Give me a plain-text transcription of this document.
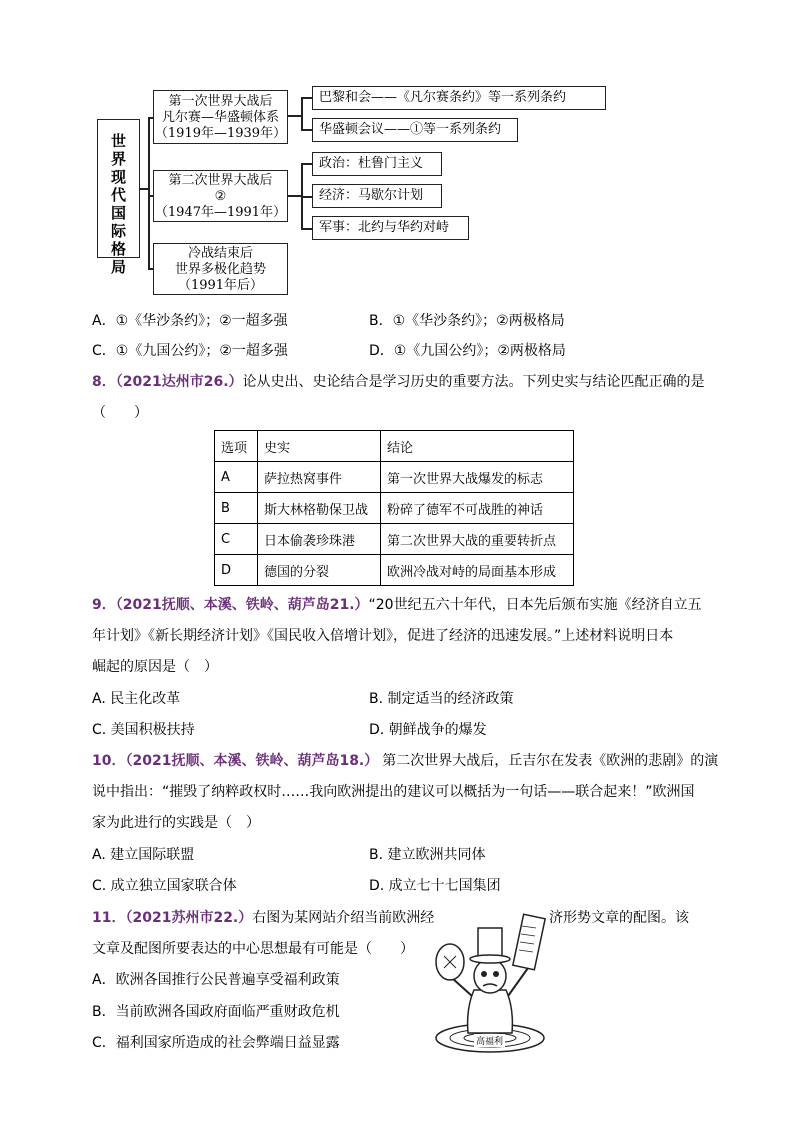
世界现代国际格局
第一次世界大战后
凡尔赛—华盛顿体系
（1919年—1939年）
第二次世界大战后
②
（1947年—1991年）
冷战结束后
世界多极化趋势
（1991年后）
巴黎和会——《凡尔赛条约》等一系列条约
华盛顿会议——①等一系列条约
政治：杜鲁门主义
经济：马歇尔计划
军事：北约与华约对峙
A．①《华沙条约》；②一超多强	B．①《华沙条约》；②两极格局
C．①《九国公约》；②一超多强	D．①《九国公约》；②两极格局
8．（2021达州市26.）论从史出、史论结合是学习历史的重要方法。下列史实与结论匹配正确的是
（　　）
选项	史实	结论
A	萨拉热窝事件	第一次世界大战爆发的标志
B	斯大林格勒保卫战	粉碎了德军不可战胜的神话
C	日本偷袭珍珠港	第二次世界大战的重要转折点
D	德国的分裂	欧洲冷战对峙的局面基本形成
9．（2021抚顺、本溪、铁岭、葫芦岛21.）“20世纪五六十年代，日本先后颁布实施《经济自立五
年计划》《新长期经济计划》《国民收入倍增计划》，促进了经济的迅速发展。”上述材料说明日本
崛起的原因是（　）
A. 民主化改革	B. 制定适当的经济政策
C. 美国积极扶持	D. 朝鲜战争的爆发
10．（2021抚顺、本溪、铁岭、葫芦岛18.） 第二次世界大战后，丘吉尔在发表《欧洲的悲剧》的演
说中指出：“摧毁了纳粹政权时……我向欧洲提出的建议可以概括为一句话——联合起来！”欧洲国
家为此进行的实践是（　）
A. 建立国际联盟	B. 建立欧洲共同体
C. 成立独立国家联合体	D. 成立七十七国集团
11．（2021苏州市22.）右图为某网站介绍当前欧洲经	济形势文章的配图。该
文章及配图所要表达的中心思想最有可能是（　　）
A．欧洲各国推行公民普遍享受福利政策
B．当前欧洲各国政府面临严重财政危机
C．福利国家所造成的社会弊端日益显露	高福利
